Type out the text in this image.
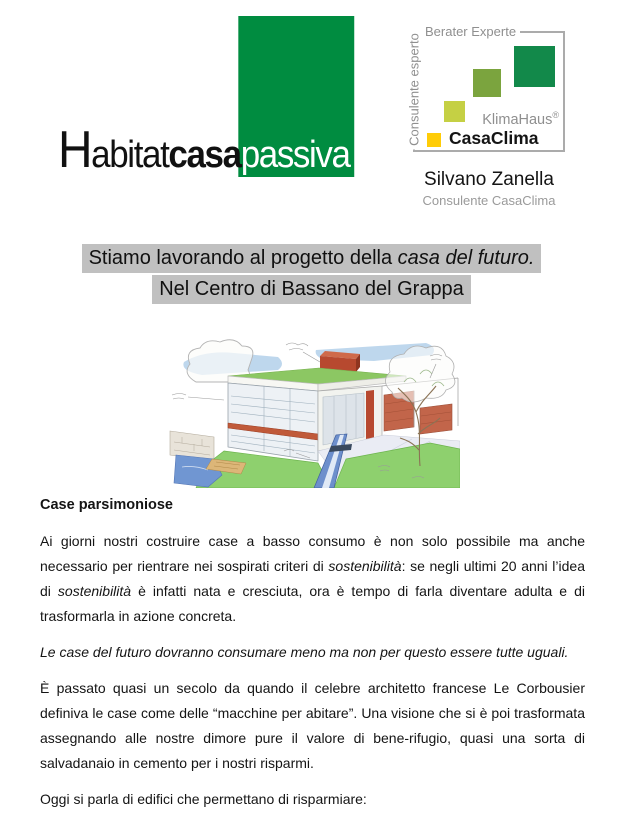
Habitatcasapassiva
Berater Experte
Consulente esperto	KlimaHaus®
CasaClima
Silvano Zanella
Consulente CasaClima
Stiamo lavorando al progetto della casa del futuro.
Nel Centro di Bassano del Grappa
Case parsimoniose

Ai giorni nostri costruire case a basso consumo è non solo possibile ma anche necessario per rientrare nei sospirati criteri di sostenibilità: se negli ultimi 20 anni l’idea di sostenibilità è infatti nata e cresciuta, ora è tempo di farla diventare adulta e di trasformarla in azione concreta.

Le case del futuro dovranno consumare meno ma non per questo essere tutte uguali.

È passato quasi un secolo da quando il celebre architetto francese Le Corbousier definiva le case come delle “macchine per abitare”. Una visione che si è poi trasformata assegnando alle nostre dimore pure il valore di bene-rifugio, quasi una sorta di salvadanaio in cemento per i nostri risparmi.

Oggi si parla di edifici che permettano di risparmiare:
